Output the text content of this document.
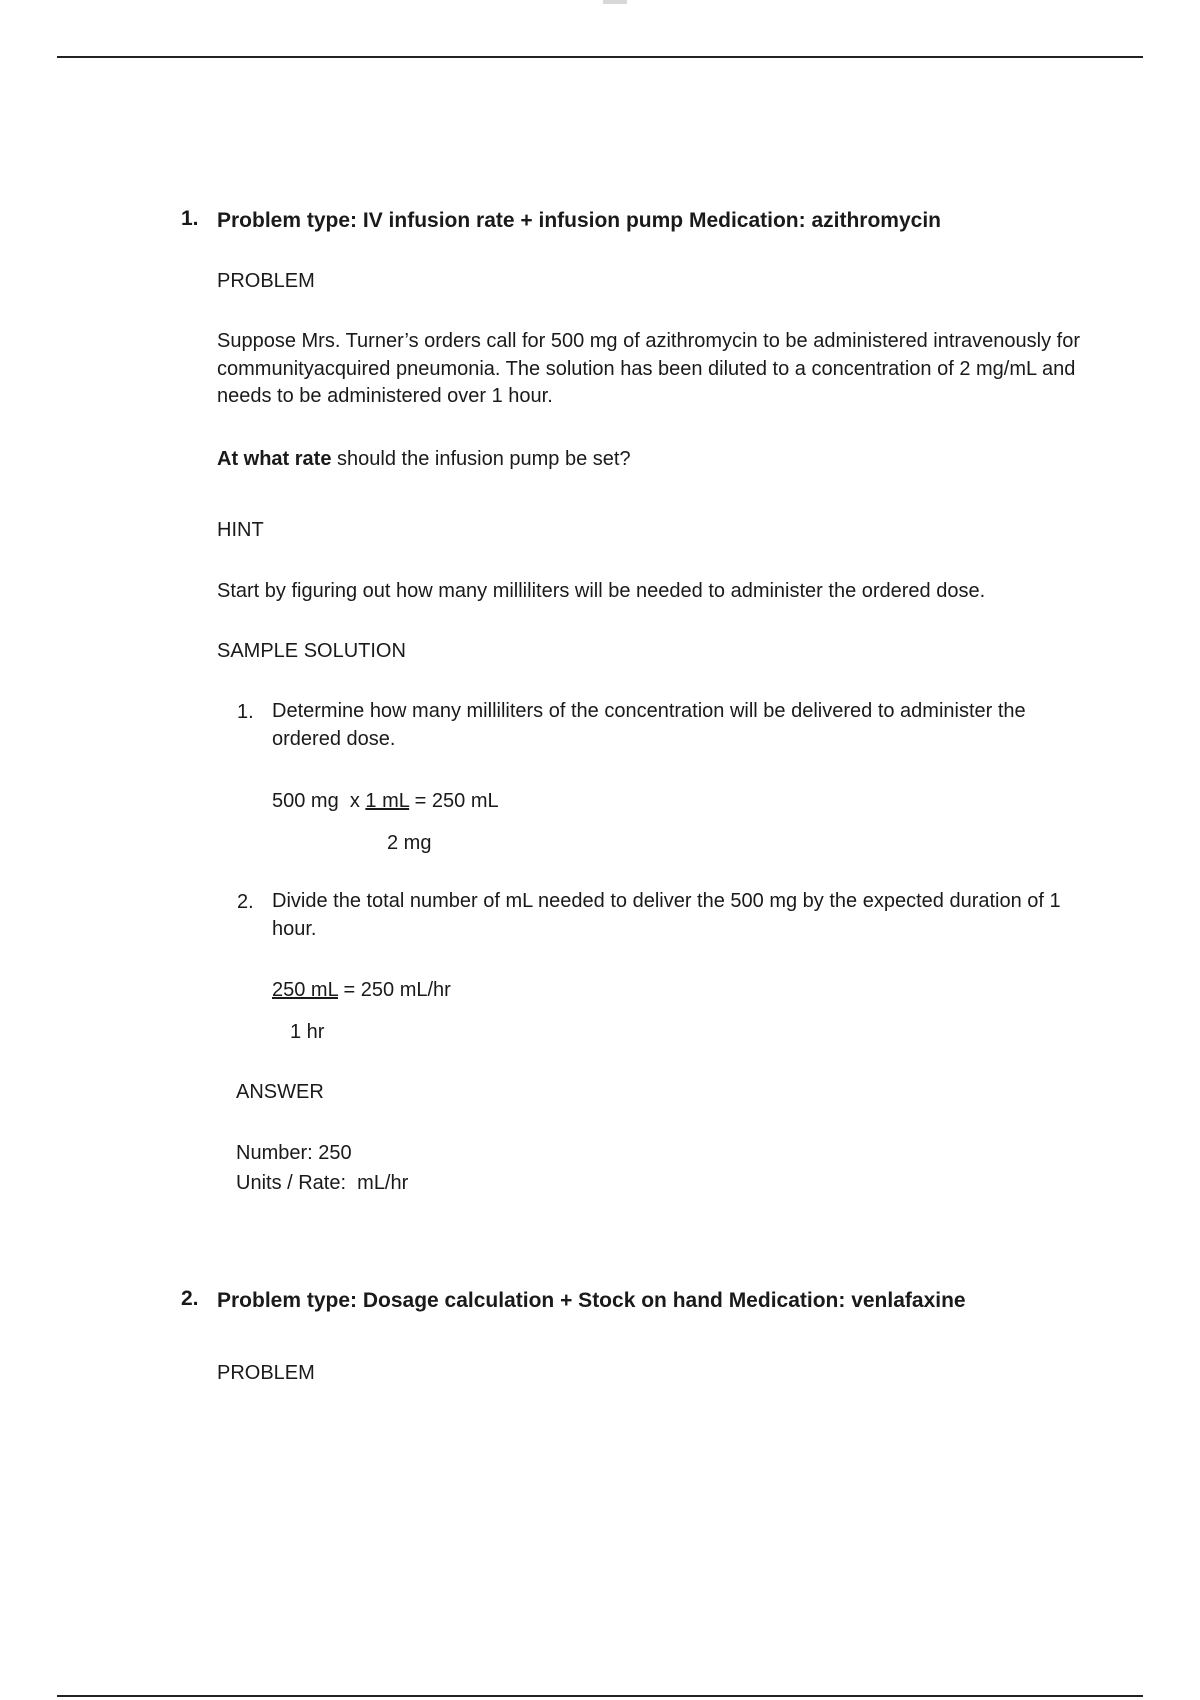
1. Problem type: IV infusion rate + infusion pump Medication: azithromycin
PROBLEM
Suppose Mrs. Turner’s orders call for 500 mg of azithromycin to be administered intravenously for communityacquired pneumonia. The solution has been diluted to a concentration of 2 mg/mL and needs to be administered over 1 hour.
At what rate should the infusion pump be set?
HINT
Start by figuring out how many milliliters will be needed to administer the ordered dose.
SAMPLE SOLUTION
1. Determine how many milliliters of the concentration will be delivered to administer the ordered dose.
500 mg  x 1 mL = 250 mL
2 mg
2. Divide the total number of mL needed to deliver the 500 mg by the expected duration of 1 hour.
250 mL = 250 mL/hr
1 hr
ANSWER
Number: 250
Units / Rate:  mL/hr
2. Problem type: Dosage calculation + Stock on hand Medication: venlafaxine
PROBLEM
